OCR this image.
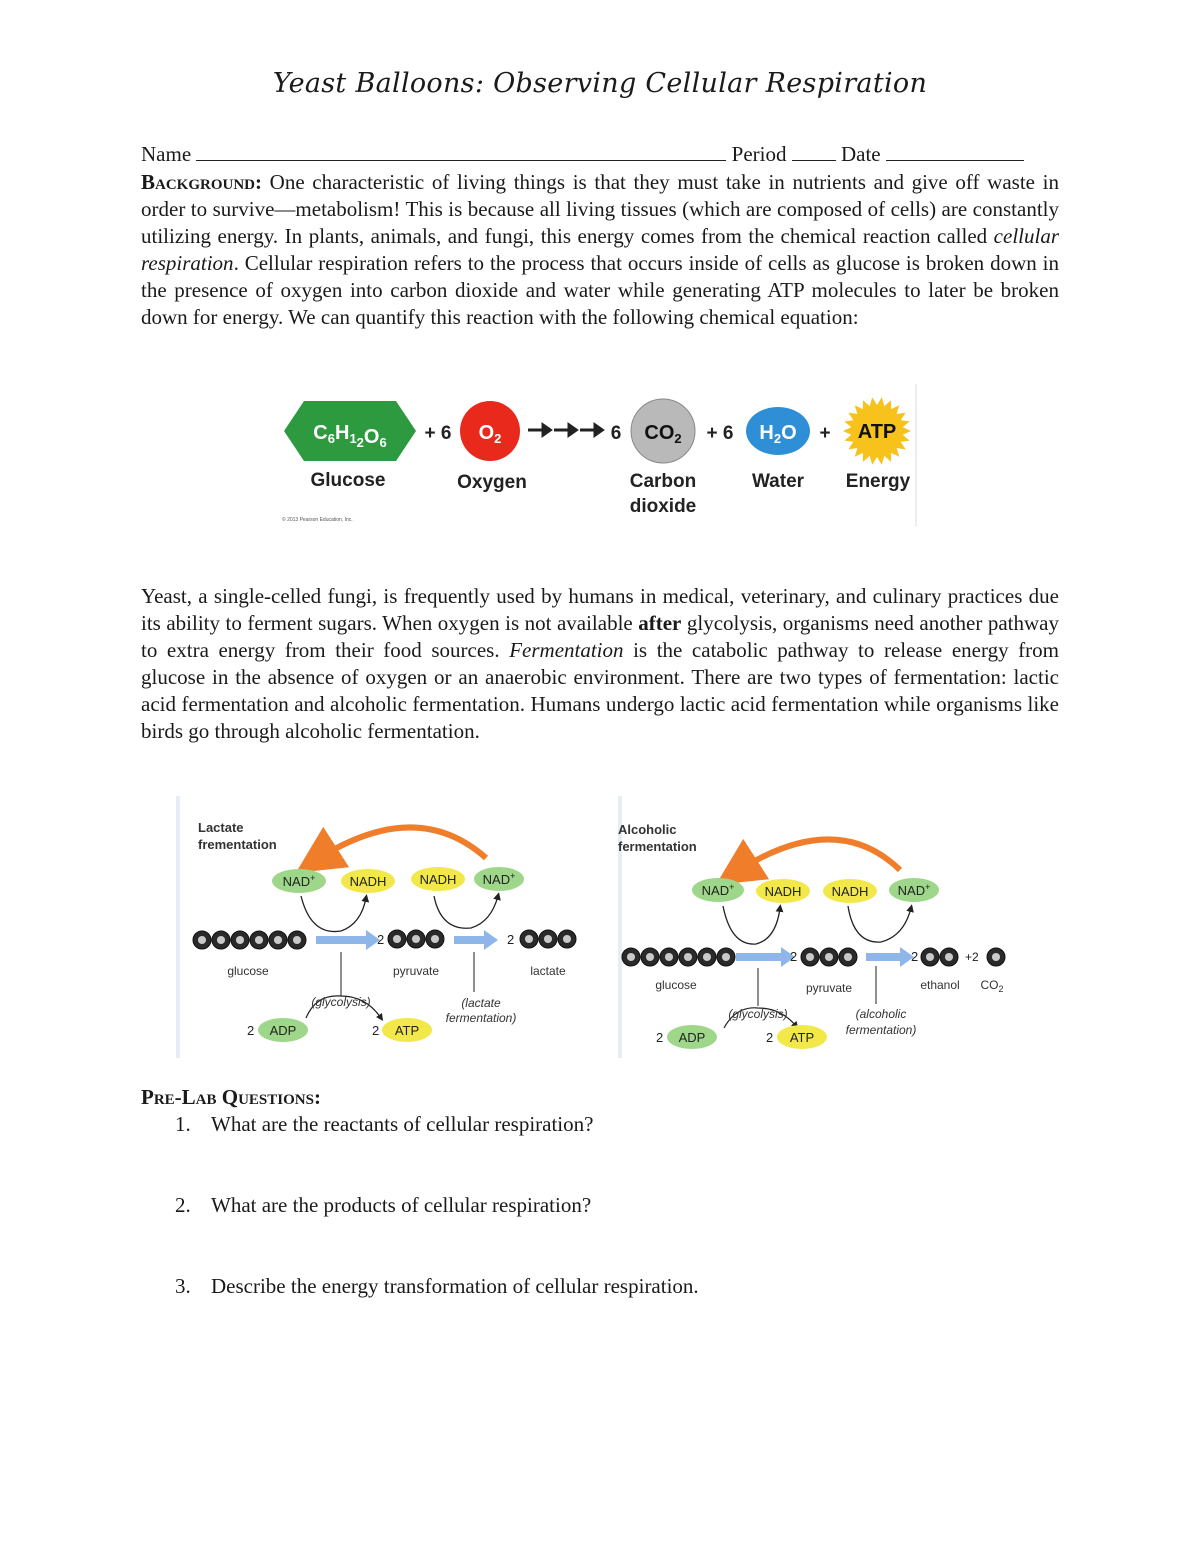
Yeast Balloons: Observing Cellular Respiration
Name	Period	Date
Background: One characteristic of living things is that they must take in nutrients and give off waste in order to survive—metabolism! This is because all living tissues (which are composed of cells) are constantly utilizing energy. In plants, animals, and fungi, this energy comes from the chemical reaction called cellular respiration. Cellular respiration refers to the process that occurs inside of cells as glucose is broken down in the presence of oxygen into carbon dioxide and water while generating ATP molecules to later be broken down for energy. We can quantify this reaction with the following chemical equation:
$C_6H_{12}O_6 + 6$ $O_2$	6 $CO_2 + 6$ $H_2O$ + ATP
Glucose	Oxygen	Carbon
dioxide
Water Energy
© 2013 Pearson Education, Inc.
Yeast, a single-celled fungi, is frequently used by humans in medical, veterinary, and culinary practices due its ability to ferment sugars. When oxygen is not available after glycolysis, organisms need another pathway to extra energy from their food sources. Fermentation is the catabolic pathway to release energy from glucose in the absence of oxygen or an anaerobic environment. There are two types of fermentation: lactic acid fermentation and alcoholic fermentation. Humans undergo lactic acid fermentation while organisms like birds go through alcoholic fermentation.
Lactate
frementation
NAD+	NADH	NADH NAD+
2	2
glucose	pyruvate	lactate
(glycolysis)	(lactate
fermentation)
2 ADP	2 ATP
Alcoholic
fermentation
NAD+ NADH NADH NAD+
2	2	+2
glucose	pyruvate	ethanol $CO_2$
(glycolysis)	(alcoholic
fermentation)
2 ADP	2 ATP
Pre-Lab Questions:
1. What are the reactants of cellular respiration?
2. What are the products of cellular respiration?
3. Describe the energy transformation of cellular respiration.
